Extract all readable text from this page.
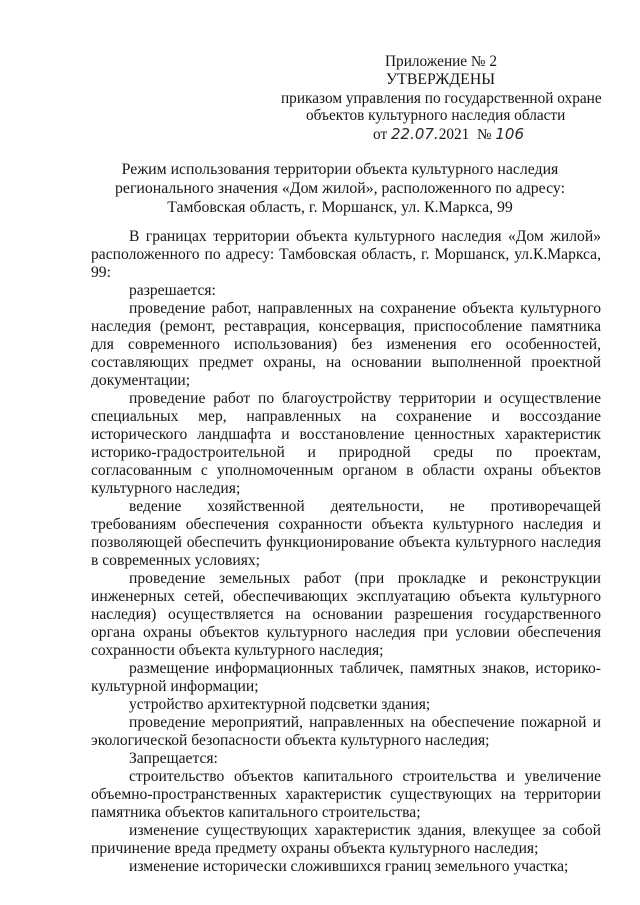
Приложение № 2
УТВЕРЖДЕНЫ
приказом управления по государственной охране
объектов культурного наследия области
от 22.07.2021 № 106
Режим использования территории объекта культурного наследия
регионального значения «Дом жилой», расположенного по адресу:
Тамбовская область, г. Моршанск, ул. К.Маркса, 99

В границах территории объекта культурного наследия «Дом жилой» расположенного по адресу: Тамбовская область, г. Моршанск, ул.К.Маркса, 99:

разрешается:

проведение работ, направленных на сохранение объекта культурного наследия (ремонт, реставрация, консервация, приспособление памятника для современного использования) без изменения его особенностей, составляющих предмет охраны, на основании выполненной проектной документации;

проведение работ по благоустройству территории и осуществление специальных мер, направленных на сохранение и воссоздание исторического ландшафта и восстановление ценностных характеристик историко-градостроительной и природной среды по проектам, согласованным с уполномоченным органом в области охраны объектов культурного наследия;

ведение хозяйственной деятельности, не противоречащей требованиям обеспечения сохранности объекта культурного наследия и позволяющей обеспечить функционирование объекта культурного наследия в современных условиях;

проведение земельных работ (при прокладке и реконструкции инженерных сетей, обеспечивающих эксплуатацию объекта культурного наследия) осуществляется на основании разрешения государственного органа охраны объектов культурного наследия при условии обеспечения сохранности объекта культурного наследия;

размещение информационных табличек, памятных знаков, историко-культурной информации;

устройство архитектурной подсветки здания;

проведение мероприятий, направленных на обеспечение пожарной и экологической безопасности объекта культурного наследия;

Запрещается:

строительство объектов капитального строительства и увеличение объемно-пространственных характеристик существующих на территории памятника объектов капитального строительства;

изменение существующих характеристик здания, влекущее за собой причинение вреда предмету охраны объекта культурного наследия;

изменение исторически сложившихся границ земельного участка;
